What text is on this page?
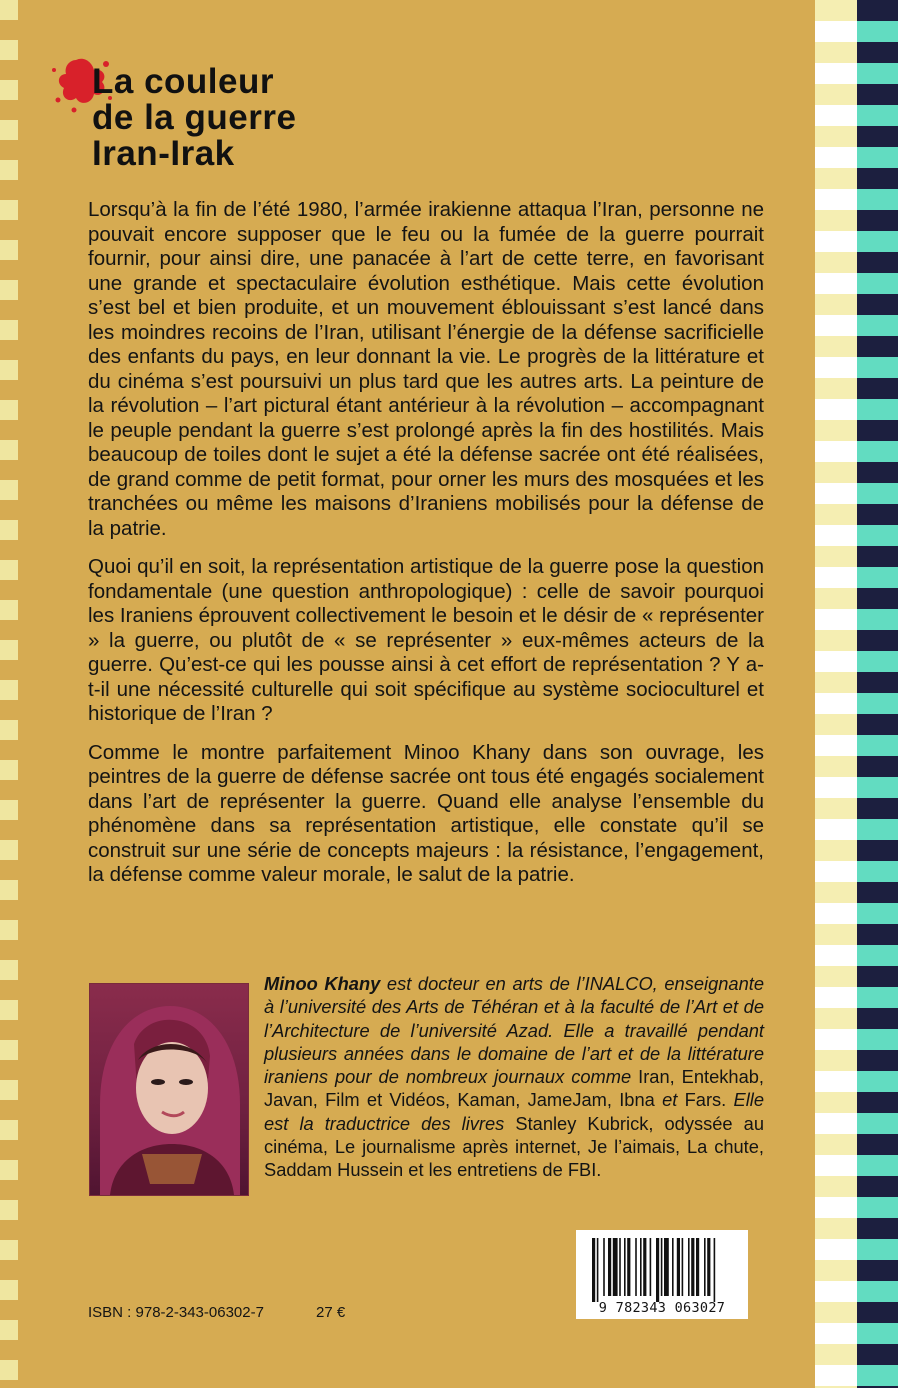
La couleur
de la guerre
Iran-Irak

Lorsqu’à la fin de l’été 1980, l’armée irakienne attaqua l’Iran, personne ne pouvait encore supposer que le feu ou la fumée de la guerre pourrait fournir, pour ainsi dire, une panacée à l’art de cette terre, en favorisant une grande et spectaculaire évolution esthétique. Mais cette évolution s’est bel et bien produite, et un mouvement éblouissant s’est lancé dans les moindres recoins de l’Iran, utilisant l’énergie de la défense sacrificielle des enfants du pays, en leur donnant la vie. Le progrès de la littérature et du cinéma s’est poursuivi un plus tard que les autres arts. La peinture de la révolution – l’art pictural étant antérieur à la révolution – accompagnant le peuple pendant la guerre s’est prolongé après la fin des hostilités. Mais beaucoup de toiles dont le sujet a été la défense sacrée ont été réalisées, de grand comme de petit format, pour orner les murs des mosquées et les tranchées ou même les maisons d’Iraniens mobilisés pour la défense de la patrie.

Quoi qu’il en soit, la représentation artistique de la guerre pose la question fondamentale (une question anthropologique) : celle de savoir pourquoi les Iraniens éprouvent collectivement le besoin et le désir de « représenter » la guerre, ou plutôt de « se représenter » eux-mêmes acteurs de la guerre. Qu’est-ce qui les pousse ainsi à cet effort de représentation ? Y a-t-il une nécessité culturelle qui soit spécifique au système socioculturel et historique de l’Iran ?

Comme le montre parfaitement Minoo Khany dans son ouvrage, les peintres de la guerre de défense sacrée ont tous été engagés socialement dans l’art de représenter la guerre. Quand elle analyse l’ensemble du phénomène dans sa représentation artistique, elle constate qu’il se construit sur une série de concepts majeurs : la résistance, l’engagement, la défense comme valeur morale, le salut de la patrie.

Minoo Khany est docteur en arts de l’INALCO, enseignante à l’université des Arts de Téhéran et à la faculté de l’Art et de l’Architecture de l’université Azad. Elle a travaillé pendant plusieurs années dans le domaine de l’art et de la littérature iraniens pour de nombreux journaux comme Iran, Entekhab, Javan, Film et Vidéos, Kaman, JameJam, Ibna et Fars. Elle est la traductrice des livres Stanley Kubrick, odyssée au cinéma, Le journalisme après internet, Je l’aimais, La chute, Saddam Hussein et les entretiens de FBI.
ISBN : 978-2-343-06302-7	27 €	9 782343 063027
